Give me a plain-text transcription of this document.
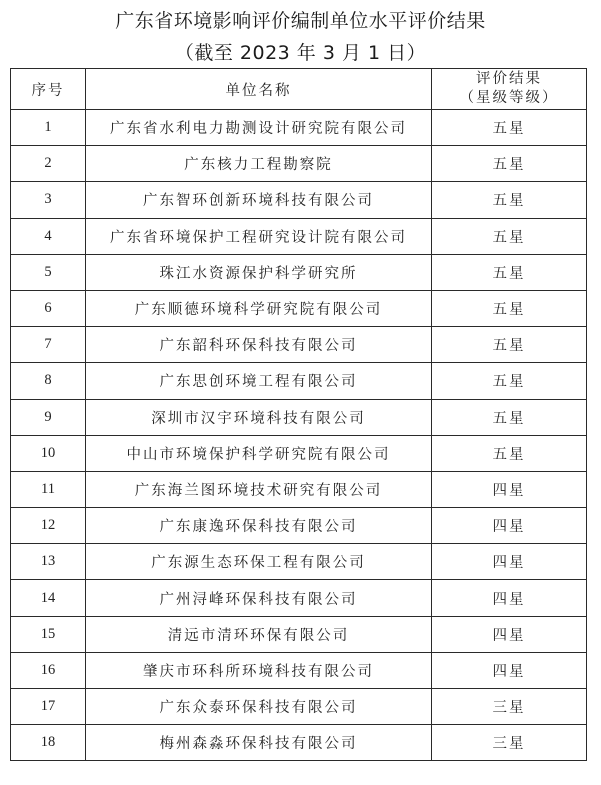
广东省环境影响评价编制单位水平评价结果
（截至 2023 年 3 月 1 日）
序号	单位名称	评价结果
（星级等级）

1	广东省水利电力勘测设计研究院有限公司	五星
2	广东核力工程勘察院	五星
3	广东智环创新环境科技有限公司	五星
4	广东省环境保护工程研究设计院有限公司	五星
5	珠江水资源保护科学研究所	五星
6	广东顺德环境科学研究院有限公司	五星
7	广东韶科环保科技有限公司	五星
8	广东思创环境工程有限公司	五星
9	深圳市汉宇环境科技有限公司	五星
10	中山市环境保护科学研究院有限公司	五星
11	广东海兰图环境技术研究有限公司	四星
12	广东康逸环保科技有限公司	四星
13	广东源生态环保工程有限公司	四星
14	广州浔峰环保科技有限公司	四星
15	清远市清环环保有限公司	四星
16	肇庆市环科所环境科技有限公司	四星
17	广东众泰环保科技有限公司	三星
18	梅州森淼环保科技有限公司	三星
